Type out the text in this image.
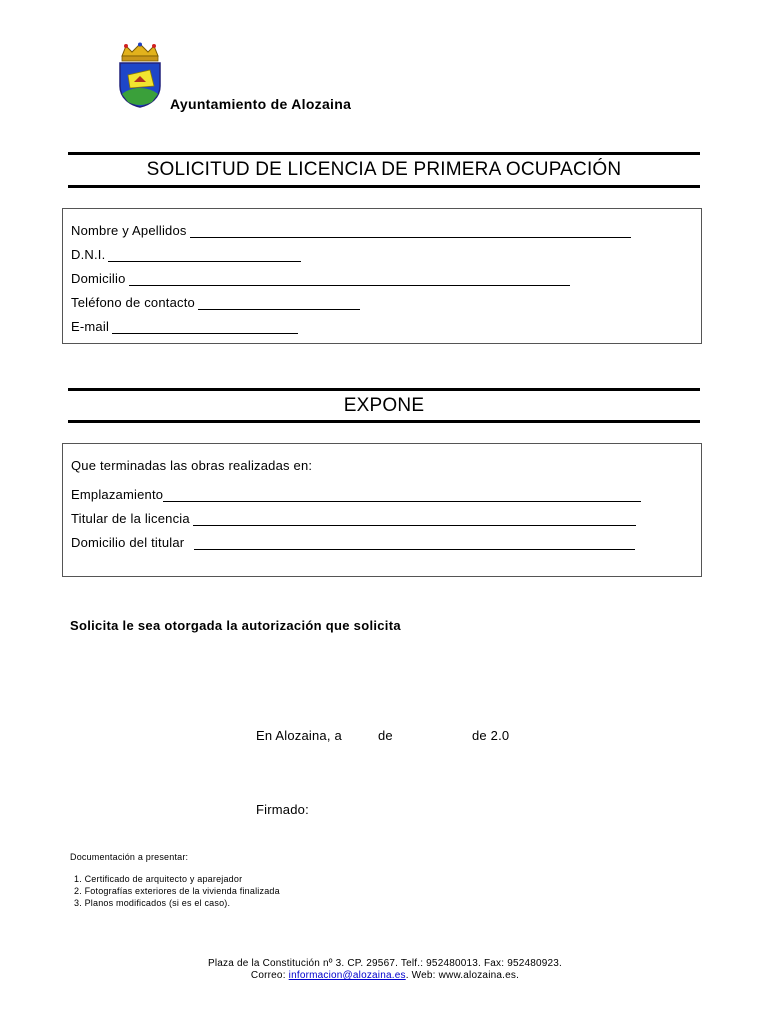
Ayuntamiento de Alozaina
SOLICITUD DE LICENCIA DE PRIMERA OCUPACIÓN
Nombre y Apellidos
D.N.I.
Domicilio
Teléfono de contacto
E-mail
EXPONE
Que terminadas las obras realizadas en:
Emplazamiento
Titular de la licencia
Domicilio del titular
Solicita le sea otorgada la autorización que solicita
En Alozaina, a	de	de 2.0
Firmado:
Documentación a presentar:
1. Certificado de arquitecto y aparejador
2. Fotografías exteriores de la vivienda finalizada
3. Planos modificados (si es el caso).
Plaza de la Constitución nº 3. CP. 29567. Telf.: 952480013. Fax: 952480923.
Correo: informacion@alozaina.es. Web: www.alozaina.es.
